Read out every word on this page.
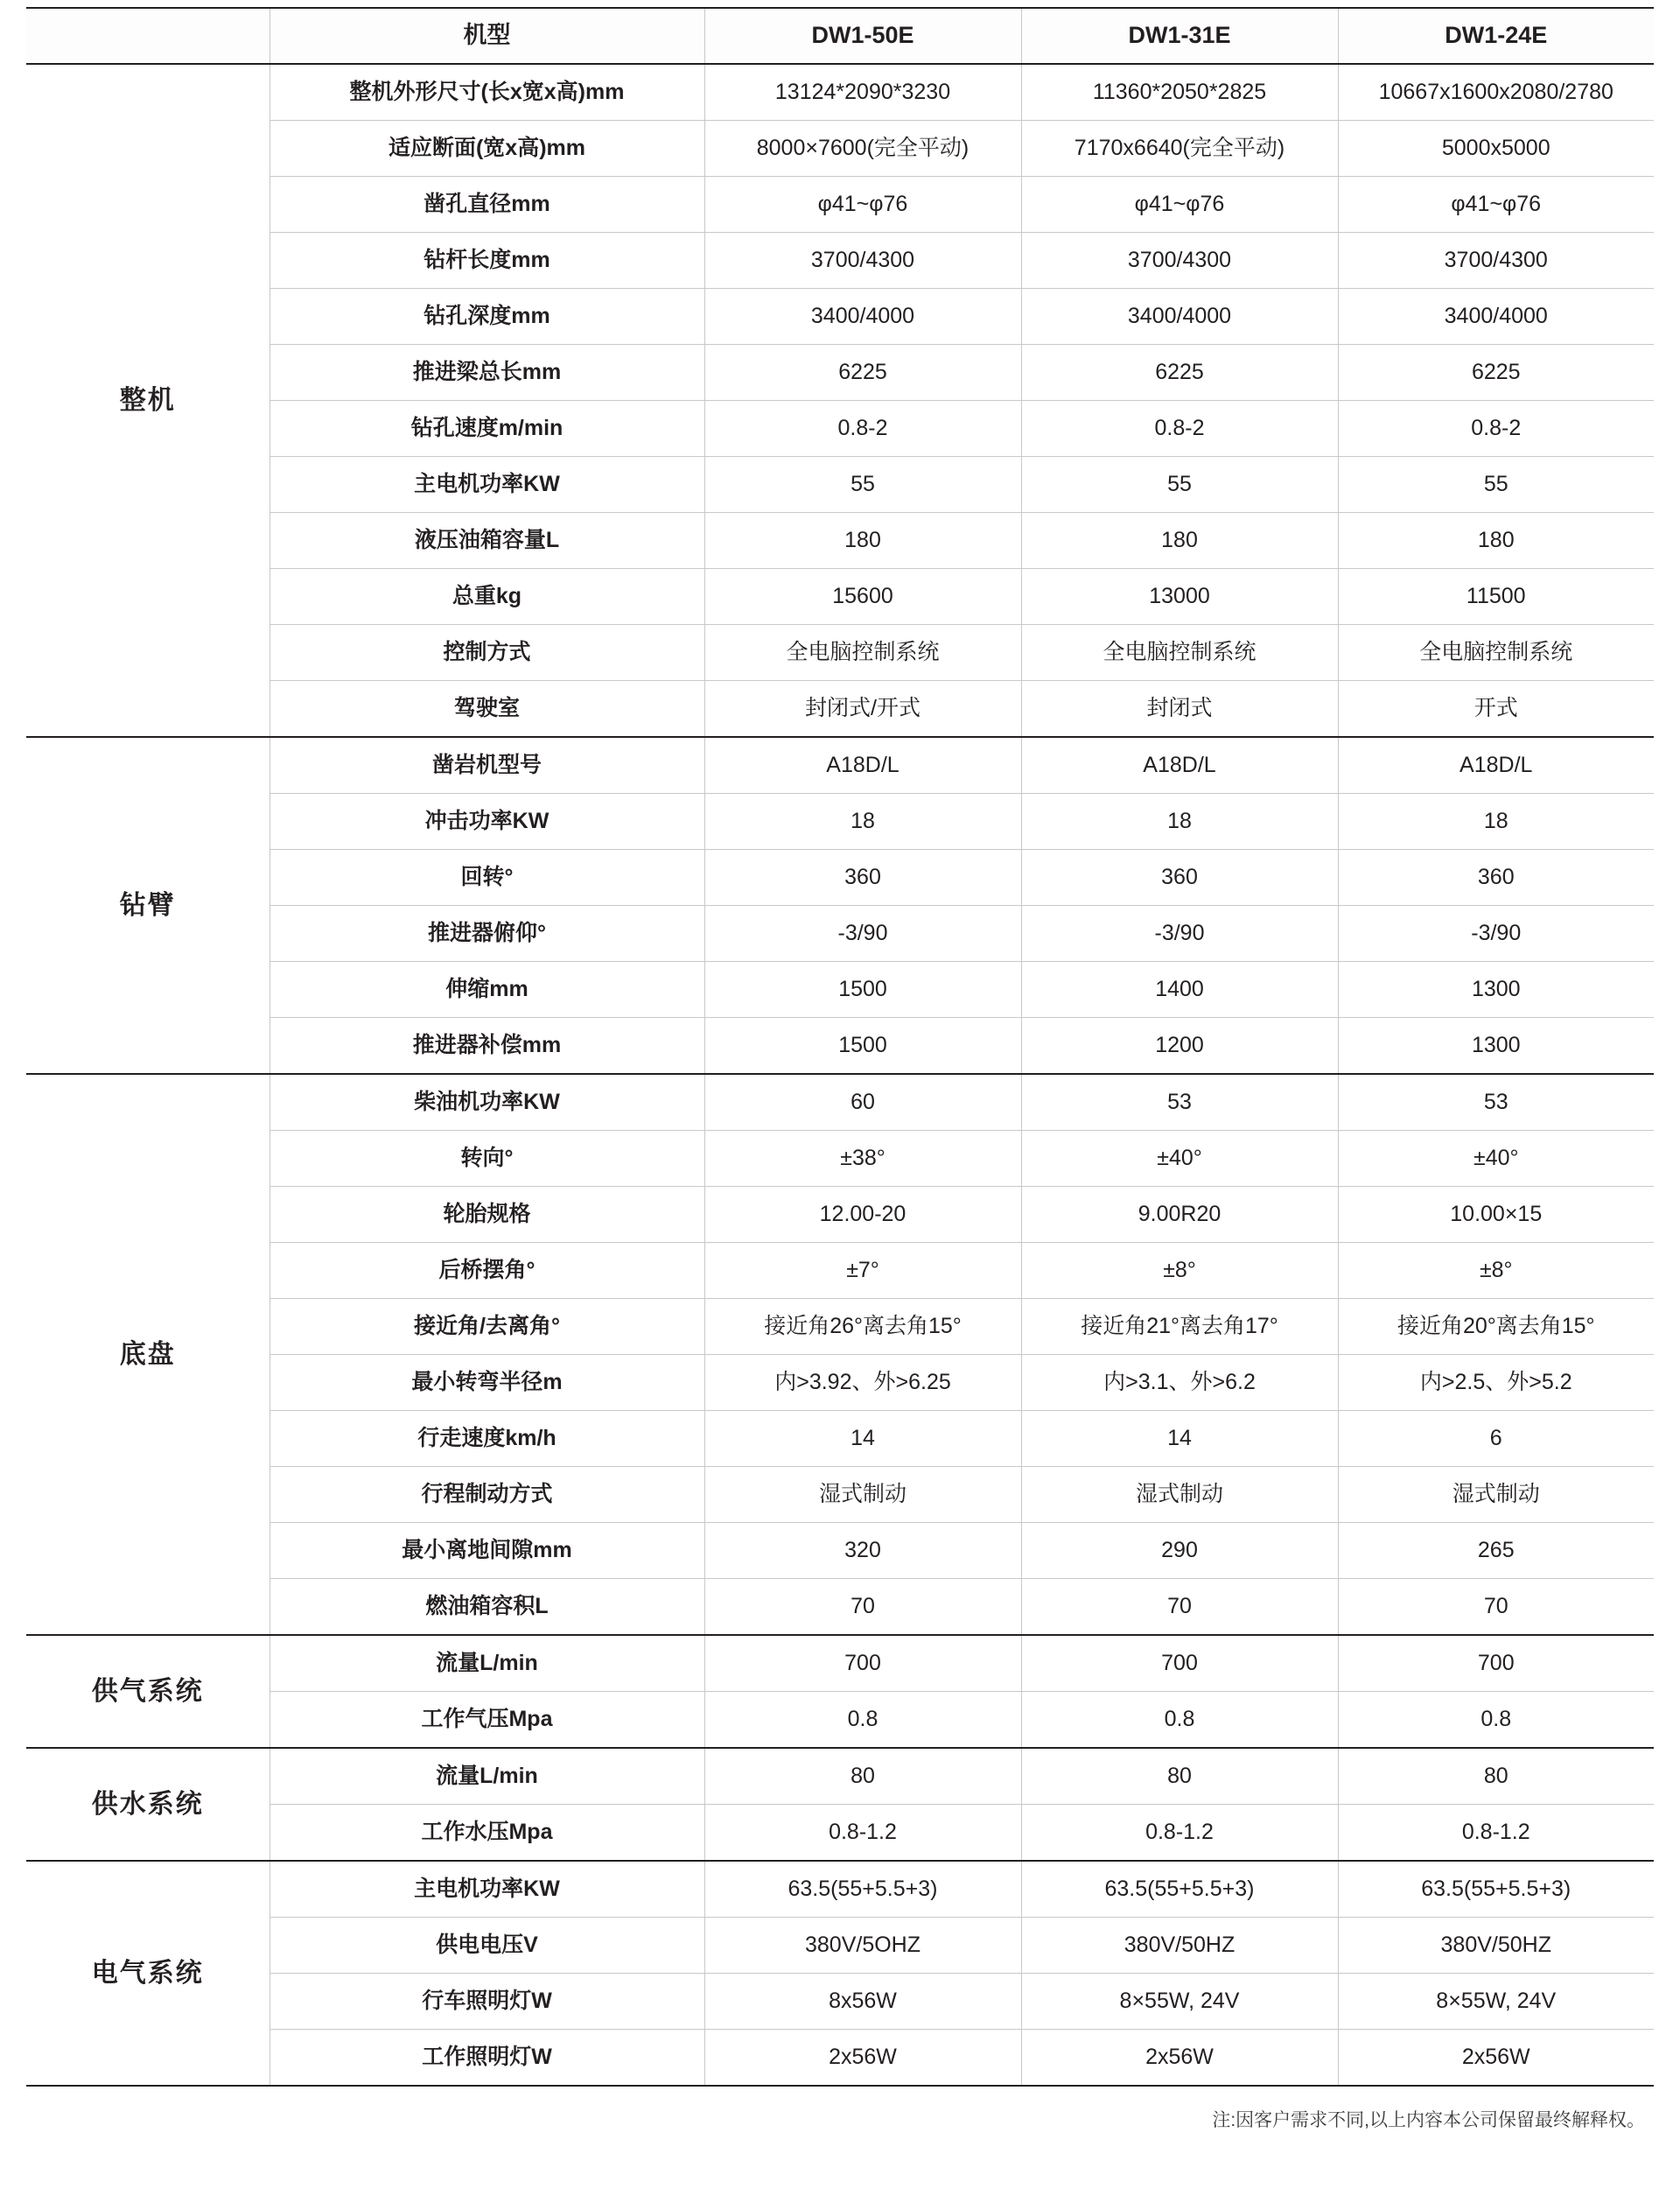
	机型	DW1-50E	DW1-31E	DW1-24E
整机	整机外形尺寸(长x宽x高)mm	13124*2090*3230	11360*2050*2825	10667x1600x2080/2780
	适应断面(宽x高)mm	8000×7600(完全平动)	7170x6640(完全平动)	5000x5000
	凿孔直径mm	φ41~φ76	φ41~φ76	φ41~φ76
	钻杆长度mm	3700/4300	3700/4300	3700/4300
	钻孔深度mm	3400/4000	3400/4000	3400/4000
	推进梁总长mm	6225	6225	6225
	钻孔速度m/min	0.8-2	0.8-2	0.8-2
	主电机功率KW	55	55	55
	液压油箱容量L	180	180	180
	总重kg	15600	13000	11500
	控制方式	全电脑控制系统	全电脑控制系统	全电脑控制系统
	驾驶室	封闭式/开式	封闭式	开式
钻臂	凿岩机型号	A18D/L	A18D/L	A18D/L
	冲击功率KW	18	18	18
	回转°	360	360	360
	推进器俯仰°	-3/90	-3/90	-3/90
	伸缩mm	1500	1400	1300
	推进器补偿mm	1500	1200	1300
底盘	柴油机功率KW	60	53	53
	转向°	±38°	±40°	±40°
	轮胎规格	12.00-20	9.00R20	10.00×15
	后桥摆角°	±7°	±8°	±8°
	接近角/去离角°	接近角26°离去角15°	接近角21°离去角17°	接近角20°离去角15°
	最小转弯半径m	内>3.92、外>6.25	内>3.1、外>6.2	内>2.5、外>5.2
	行走速度km/h	14	14	6
	行程制动方式	湿式制动	湿式制动	湿式制动
	最小离地间隙mm	320	290	265
	燃油箱容积L	70	70	70
供气系统	流量L/min	700	700	700
	工作气压Mpa	0.8	0.8	0.8
供水系统	流量L/min	80	80	80
	工作水压Mpa	0.8-1.2	0.8-1.2	0.8-1.2
电气系统	主电机功率KW	63.5(55+5.5+3)	63.5(55+5.5+3)	63.5(55+5.5+3)
	供电电压V	380V/5OHZ	380V/50HZ	380V/50HZ
	行车照明灯W	8x56W	8×55W, 24V	8×55W, 24V
	工作照明灯W	2x56W	2x56W	2x56W
注:因客户需求不同,以上内容本公司保留最终解释权。
